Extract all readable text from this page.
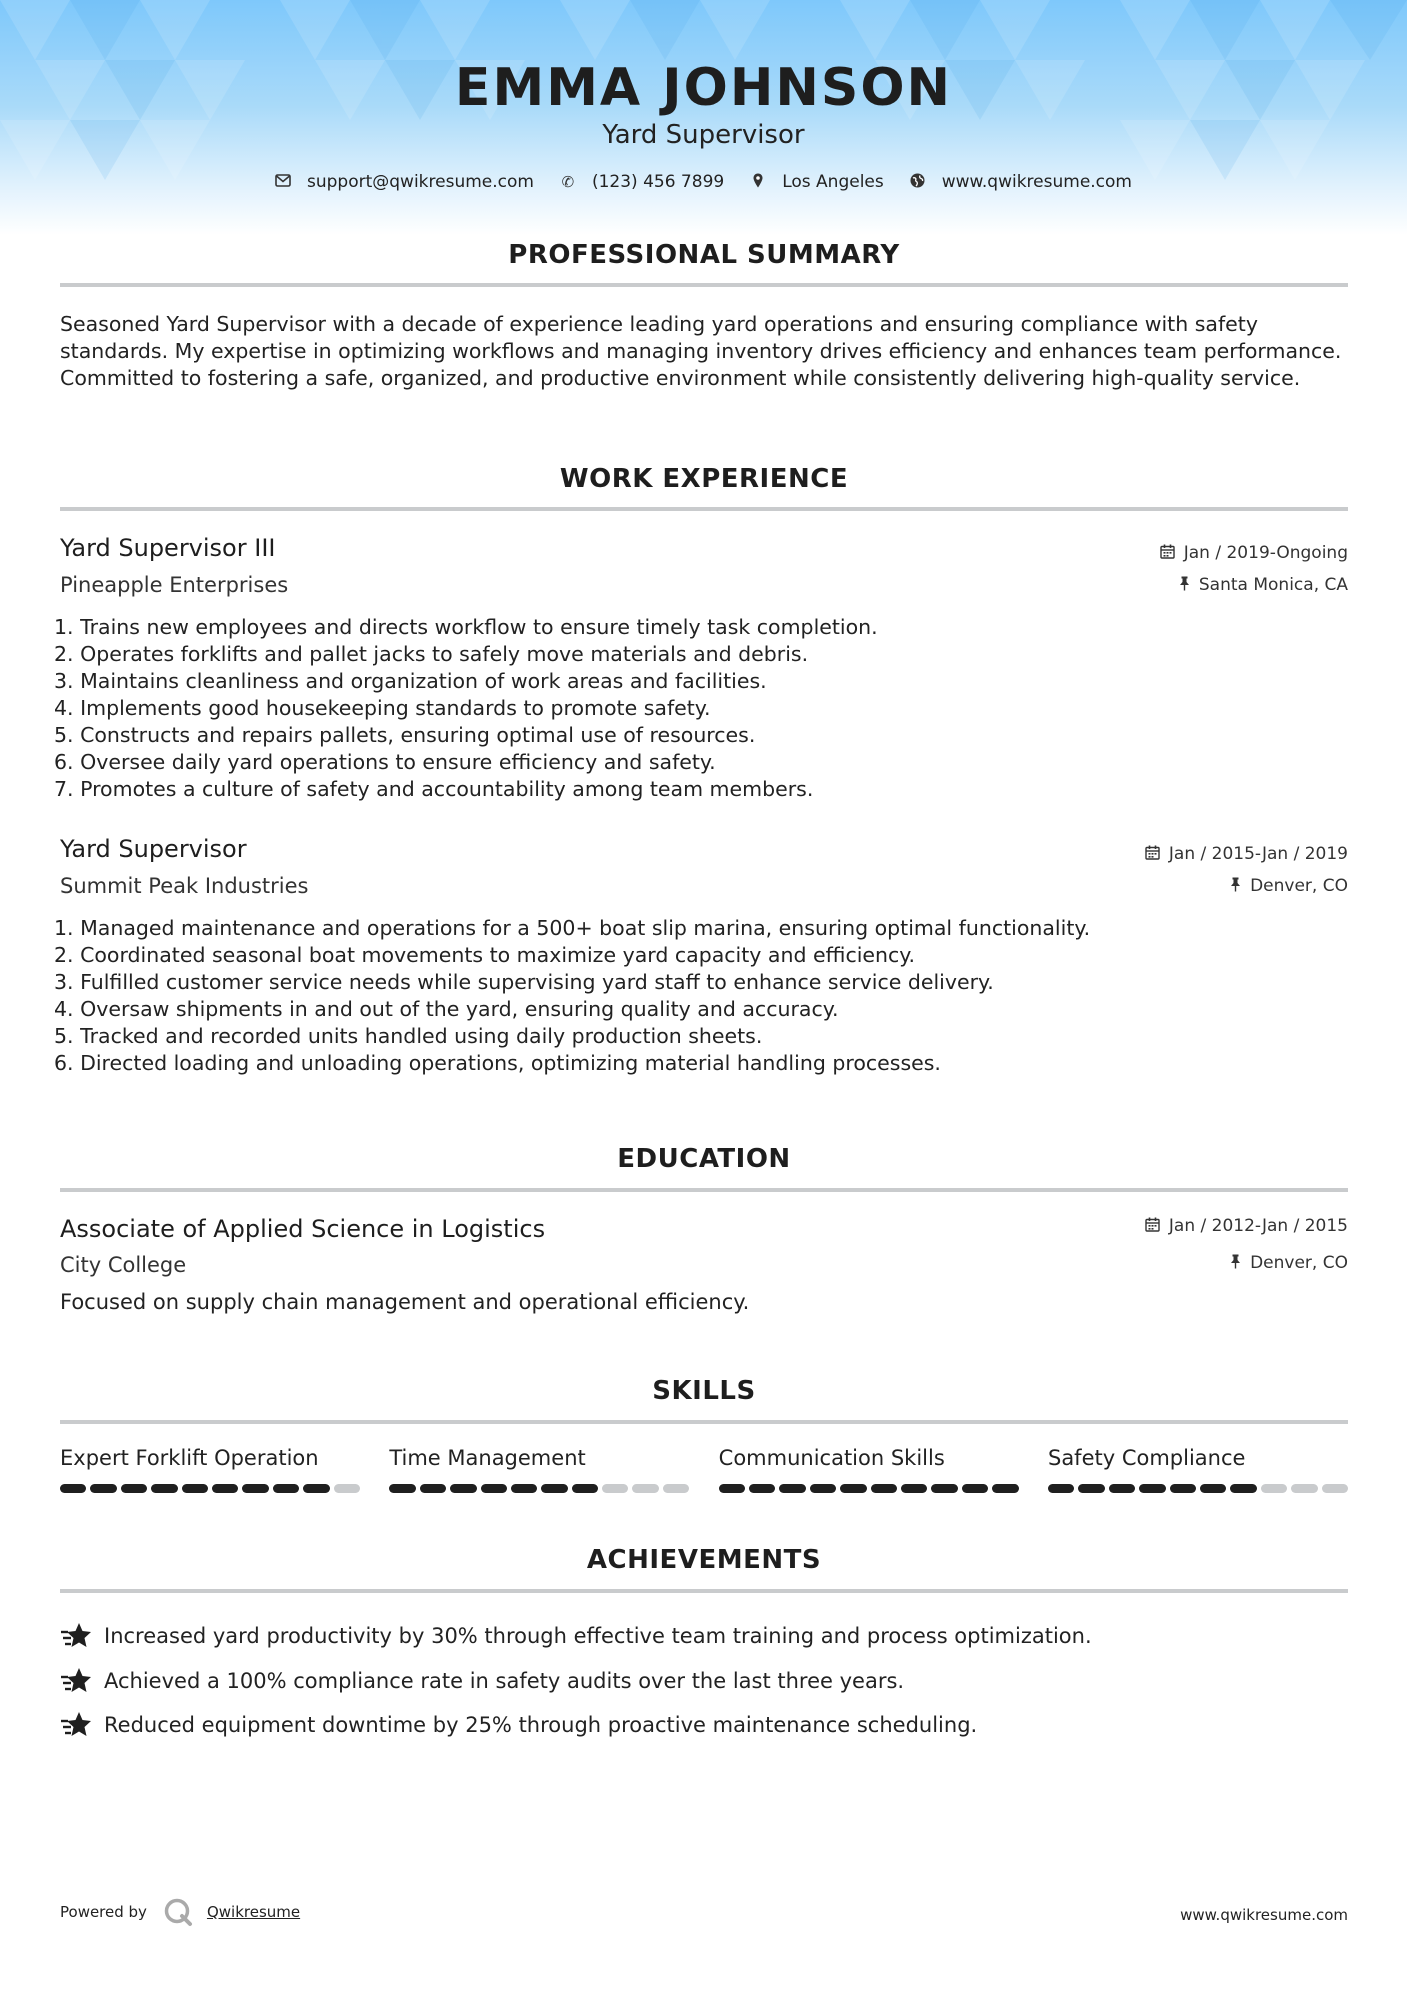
EMMA JOHNSON
Yard Supervisor
support@qwikresume.com ✆ (123) 456 7899	Los Angeles	www.qwikresume.com
PROFESSIONAL SUMMARY
Seasoned Yard Supervisor with a decade of experience leading yard operations and ensuring compliance with safety standards. My expertise in optimizing workflows and managing inventory drives efficiency and enhances team performance. Committed to fostering a safe, organized, and productive environment while consistently delivering high-quality service.
WORK EXPERIENCE
Yard Supervisor III
Pineapple Enterprises
Jan / 2019-Ongoing
Santa Monica, CA
1. Trains new employees and directs workflow to ensure timely task completion.
2. Operates forklifts and pallet jacks to safely move materials and debris.
3. Maintains cleanliness and organization of work areas and facilities.
4. Implements good housekeeping standards to promote safety.
5. Constructs and repairs pallets, ensuring optimal use of resources.
6. Oversee daily yard operations to ensure efficiency and safety.
7. Promotes a culture of safety and accountability among team members.
Yard Supervisor
Summit Peak Industries
Jan / 2015-Jan / 2019
Denver, CO
1. Managed maintenance and operations for a 500+ boat slip marina, ensuring optimal functionality.
2. Coordinated seasonal boat movements to maximize yard capacity and efficiency.
3. Fulfilled customer service needs while supervising yard staff to enhance service delivery.
4. Oversaw shipments in and out of the yard, ensuring quality and accuracy.
5. Tracked and recorded units handled using daily production sheets.
6. Directed loading and unloading operations, optimizing material handling processes.
EDUCATION
Associate of Applied Science in Logistics
City College
Jan / 2012-Jan / 2015
Denver, CO
Focused on supply chain management and operational efficiency.
SKILLS
Expert Forklift Operation	Time Management	Communication Skills	Safety Compliance
ACHIEVEMENTS
Increased yard productivity by 30% through effective team training and process optimization.
Achieved a 100% compliance rate in safety audits over the last three years.
Reduced equipment downtime by 25% through proactive maintenance scheduling.
Powered by	Qwikresume	www.qwikresume.com
